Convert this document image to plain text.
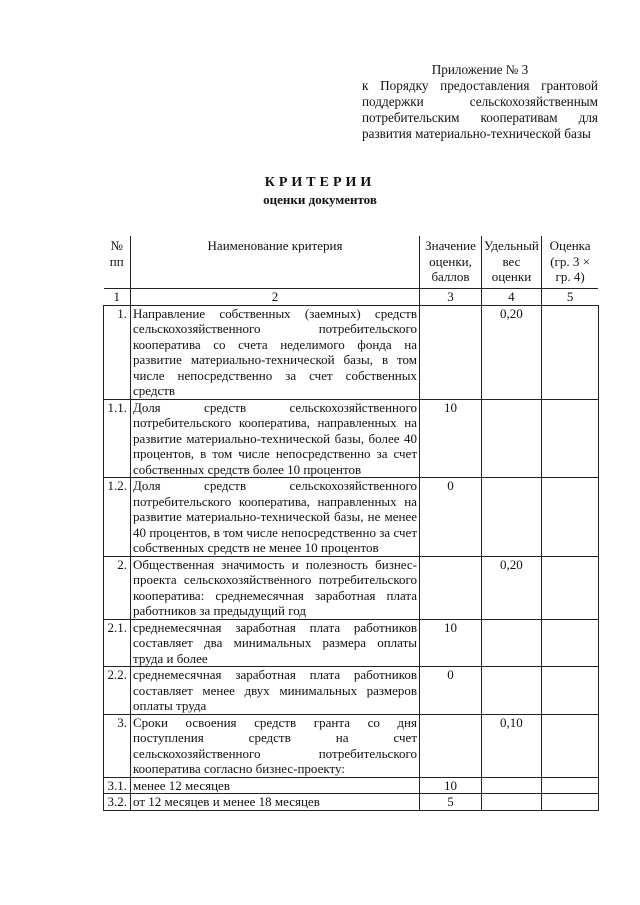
Приложение № 3
к Порядку предоставления грантовой поддержки сельскохозяйственным потребительским кооперативам для развития материально-технической базы
КРИТЕРИИ
оценки документов
№ пп	Наименование критерия	Значение оценки, баллов	Удельный вес оценки	Оценка (гр. 3 × гр. 4)
1	2	3	4	5
1.	Направление собственных (заемных) средств сельскохозяйственного потребительского кооператива со счета неделимого фонда на развитие материально-технической базы, в том числе непосредственно за счет собственных средств		0,20	
1.1.	Доля средств сельскохозяйственного потребительского кооператива, направленных на развитие материально-технической базы, более 40 процентов, в том числе непосредственно за счет собственных средств более 10 процентов	10		
1.2.	Доля средств сельскохозяйственного потребительского кооператива, направленных на развитие материально-технической базы, не менее 40 процентов, в том числе непосредственно за счет собственных средств не менее 10 процентов	0		
2.	Общественная значимость и полезность бизнес-проекта сельскохозяйственного потребительского кооператива: среднемесячная заработная плата работников за предыдущий год		0,20	
2.1.	среднемесячная заработная плата работников составляет два минимальных размера оплаты труда и более	10		
2.2.	среднемесячная заработная плата работников составляет менее двух минимальных размеров оплаты труда	0		
3.	Сроки освоения средств гранта со дня поступления средств на счет сельскохозяйственного потребительского кооператива согласно бизнес-проекту:		0,10	
3.1.	менее 12 месяцев	10		
3.2.	от 12 месяцев и менее 18 месяцев	5		
